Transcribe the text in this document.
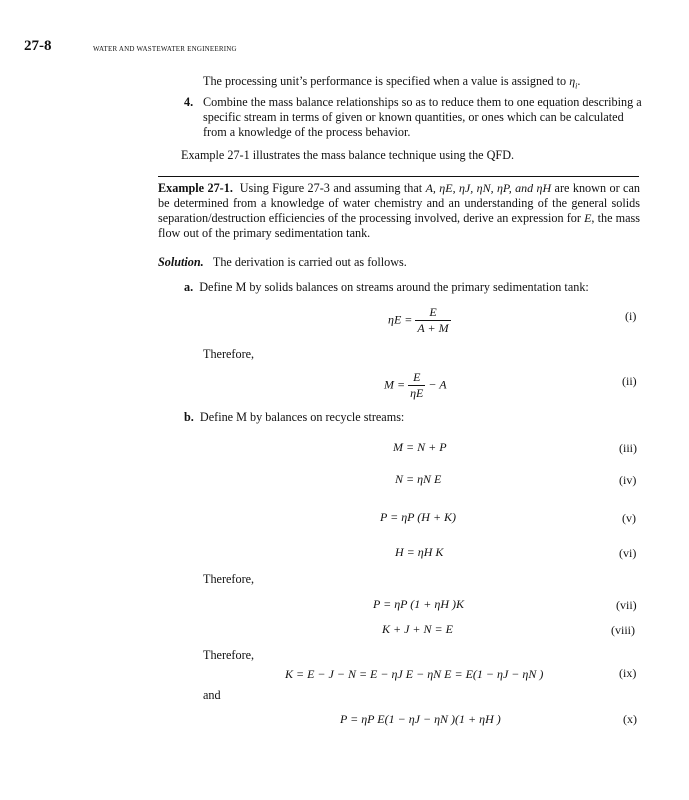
27-8	WATER AND WASTEWATER ENGINEERING
The processing unit’s performance is specified when a value is assigned to $\eta_i$.
4. Combine the mass balance relationships so as to reduce them to one equation describing a specific stream in terms of given or known quantities, or ones which can be calculated from a knowledge of the process behavior.
Example 27-1 illustrates the mass balance technique using the QFD.
Example 27-1. Using Figure 27-3 and assuming that A, ηE, ηJ, ηN, ηP, and ηH are known or can be determined from a knowledge of water chemistry and an understanding of the general solids separation/destruction efficiencies of the processing involved, derive an expression for E, the mass flow out of the primary sedimentation tank.
Solution. The derivation is carried out as follows.
a. Define M by solids balances on streams around the primary sedimentation tank:
$\eta E = \frac{E}{A + M}$	(i)
Therefore,
$M = \frac{E}{\eta E} - A$	(ii)
b. Define M by balances on recycle streams:
M = N + P	(iii)
N = ηN E	(iv)
P = ηP (H + K)	(v)
H = ηH K	(vi)
Therefore,
P = ηP (1 + ηH )K	(vii)
K + J + N = E	(viii)
Therefore,
K = E − J − N = E − ηJ E − ηN E = E(1 − ηJ − ηN )	(ix)
and
P = ηP E(1 − ηJ − ηN )(1 + ηH )	(x)
